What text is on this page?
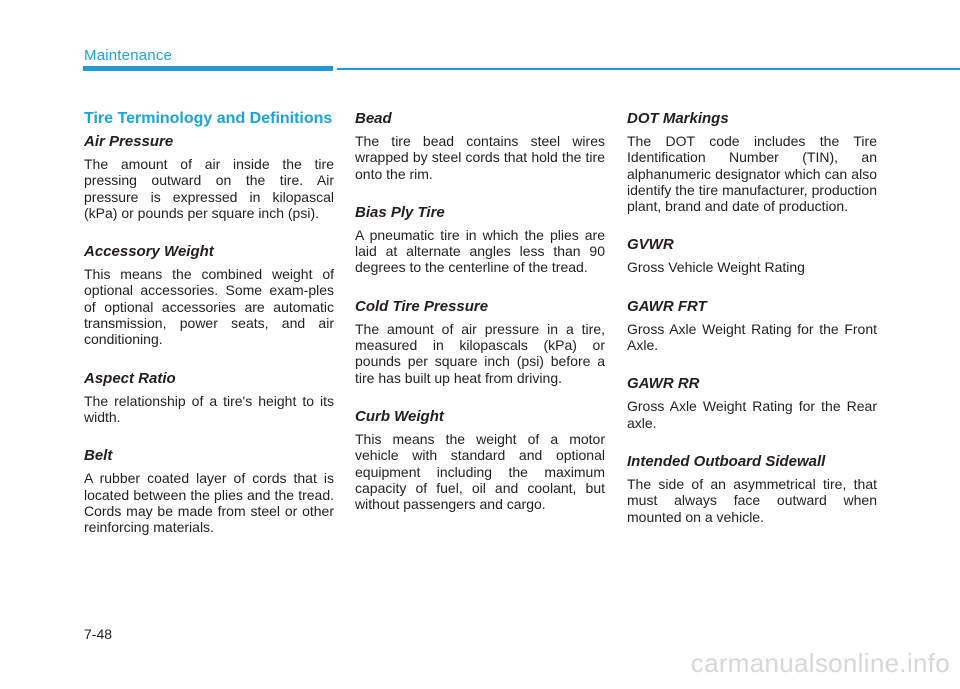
Maintenance
Tire Terminology and Definitions
Air Pressure

The amount of air inside the tire pressing outward on the tire. Air pressure is expressed in kilopascal (kPa) or pounds per square inch (psi).

Accessory Weight

This means the combined weight of optional accessories. Some exam-ples of optional accessories are automatic transmission, power seats, and air conditioning.

Aspect Ratio

The relationship of a tire's height to its width.

Belt

A rubber coated layer of cords that is located between the plies and the tread. Cords may be made from steel or other reinforcing materials.

Bead

The tire bead contains steel wires wrapped by steel cords that hold the tire onto the rim.

Bias Ply Tire

A pneumatic tire in which the plies are laid at alternate angles less than 90 degrees to the centerline of the tread.

Cold Tire Pressure

The amount of air pressure in a tire, measured in kilopascals (kPa) or pounds per square inch (psi) before a tire has built up heat from driving.

Curb Weight

This means the weight of a motor vehicle with standard and optional equipment including the maximum capacity of fuel, oil and coolant, but without passengers and cargo.

DOT Markings

The DOT code includes the Tire Identification Number (TIN), an alphanumeric designator which can also identify the tire manufacturer, production plant, brand and date of production.

GVWR

Gross Vehicle Weight Rating

GAWR FRT

Gross Axle Weight Rating for the Front Axle.

GAWR RR

Gross Axle Weight Rating for the Rear axle.

Intended Outboard Sidewall

The side of an asymmetrical tire, that must always face outward when mounted on a vehicle.

7-48
carmanualsonline.info
